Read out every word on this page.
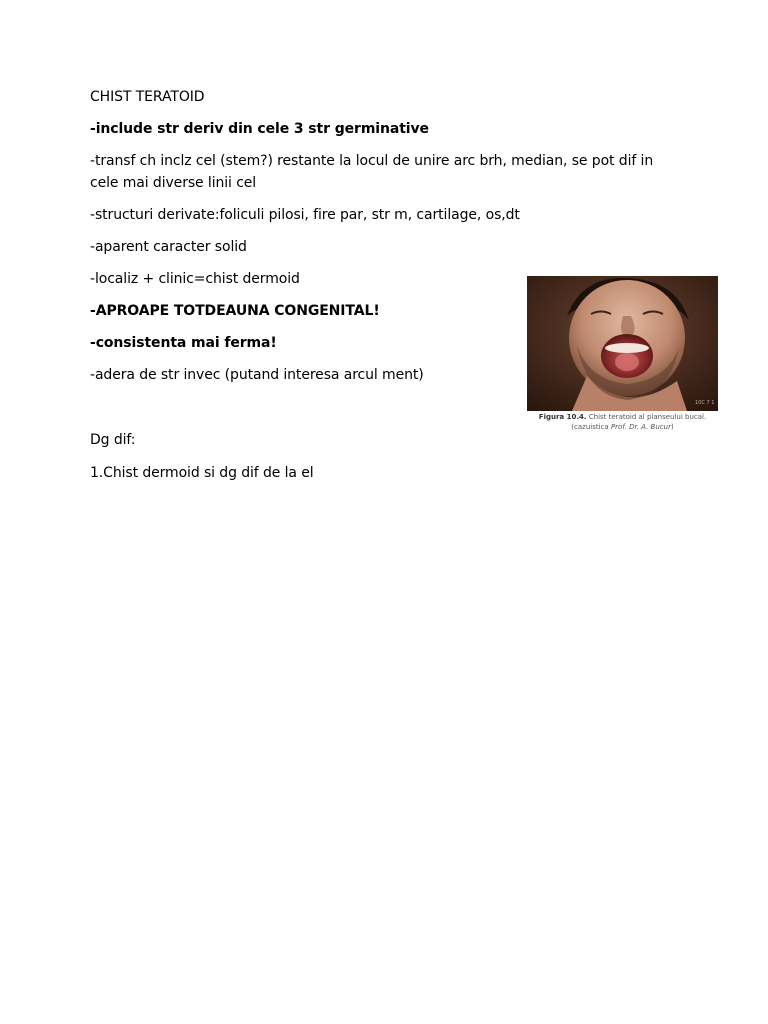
CHIST TERATOID
-include str deriv din cele 3 str germinative
-transf ch inclz cel (stem?) restante la locul de unire arc brh, median, se pot dif in cele mai diverse linii cel
-structuri derivate:foliculi pilosi, fire par, str m, cartilage, os,dt
-aparent caracter solid
-localiz + clinic=chist dermoid
-APROAPE TOTDEAUNA CONGENITAL!
-consistenta mai ferma!
-adera de str invec (putand interesa arcul ment)
Dg dif:
1.Chist dermoid si dg dif de la el
10C 7 1
Figura 10.4. Chist teratoid al planseului bucal.
(cazuistica Prof. Dr. A. Bucur)
